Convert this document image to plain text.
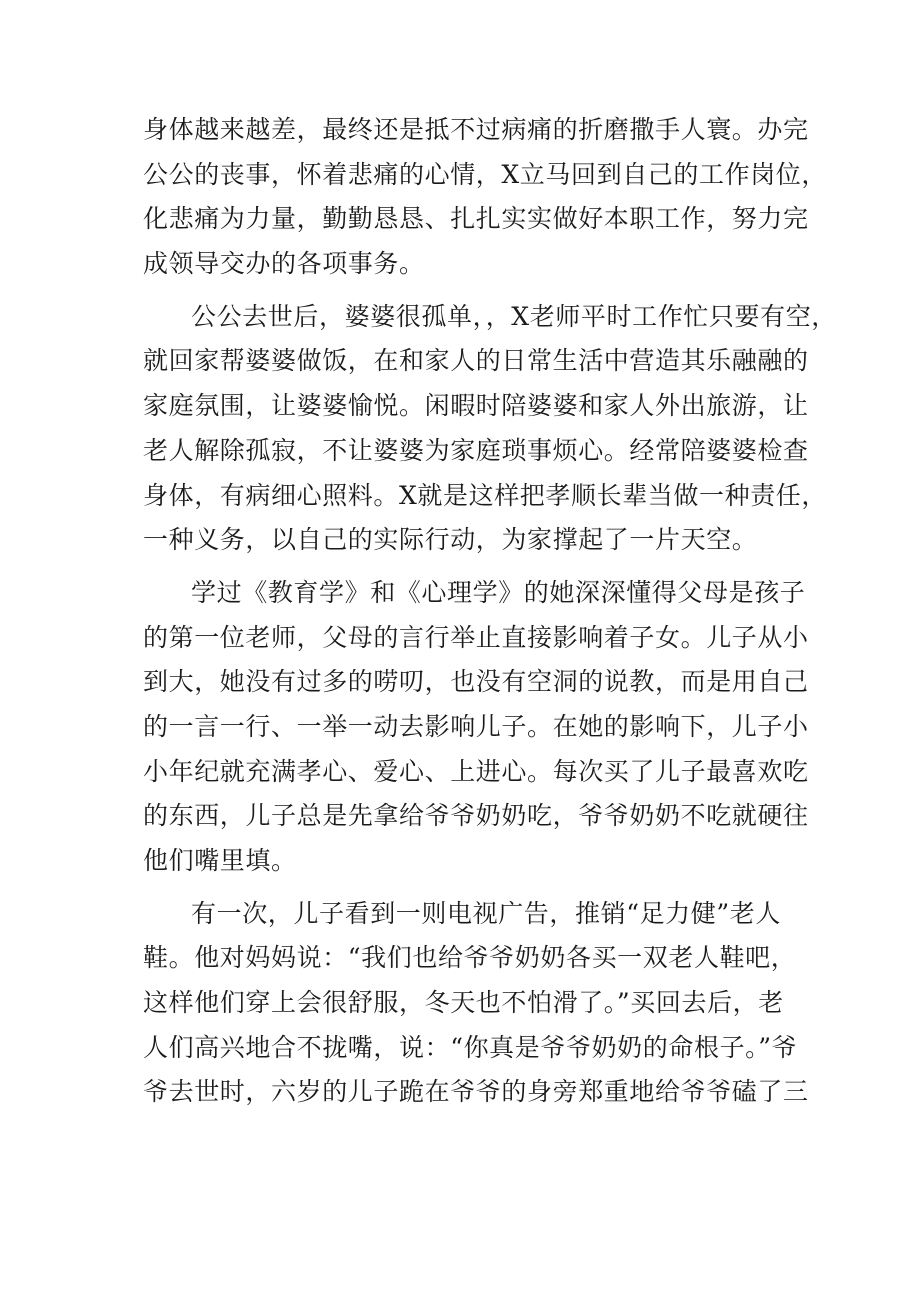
身体越来越差，最终还是抵不过病痛的折磨撒手人寰。办完
公公的丧事，怀着悲痛的心情，X立马回到自己的工作岗位，
化悲痛为力量，勤勤恳恳、扎扎实实做好本职工作，努力完
成领导交办的各项事务。
公公去世后，婆婆很孤单，，X老师平时工作忙只要有空，
就回家帮婆婆做饭，在和家人的日常生活中营造其乐融融的
家庭氛围，让婆婆愉悦。闲暇时陪婆婆和家人外出旅游，让
老人解除孤寂，不让婆婆为家庭琐事烦心。经常陪婆婆检查
身体，有病细心照料。X就是这样把孝顺长辈当做一种责任，
一种义务，以自己的实际行动，为家撑起了一片天空。
学过《教育学》和《心理学》的她深深懂得父母是孩子
的第一位老师，父母的言行举止直接影响着子女。儿子从小
到大，她没有过多的唠叨，也没有空洞的说教，而是用自己
的一言一行、一举一动去影响儿子。在她的影响下，儿子小
小年纪就充满孝心、爱心、上进心。每次买了儿子最喜欢吃
的东西，儿子总是先拿给爷爷奶奶吃，爷爷奶奶不吃就硬往
他们嘴里填。
有一次，儿子看到一则电视广告，推销“足力健”老人
鞋。他对妈妈说：“我们也给爷爷奶奶各买一双老人鞋吧，
这样他们穿上会很舒服，冬天也不怕滑了。”买回去后，老
人们高兴地合不拢嘴，说：“你真是爷爷奶奶的命根子。”爷
爷去世时，六岁的儿子跪在爷爷的身旁郑重地给爷爷磕了三
